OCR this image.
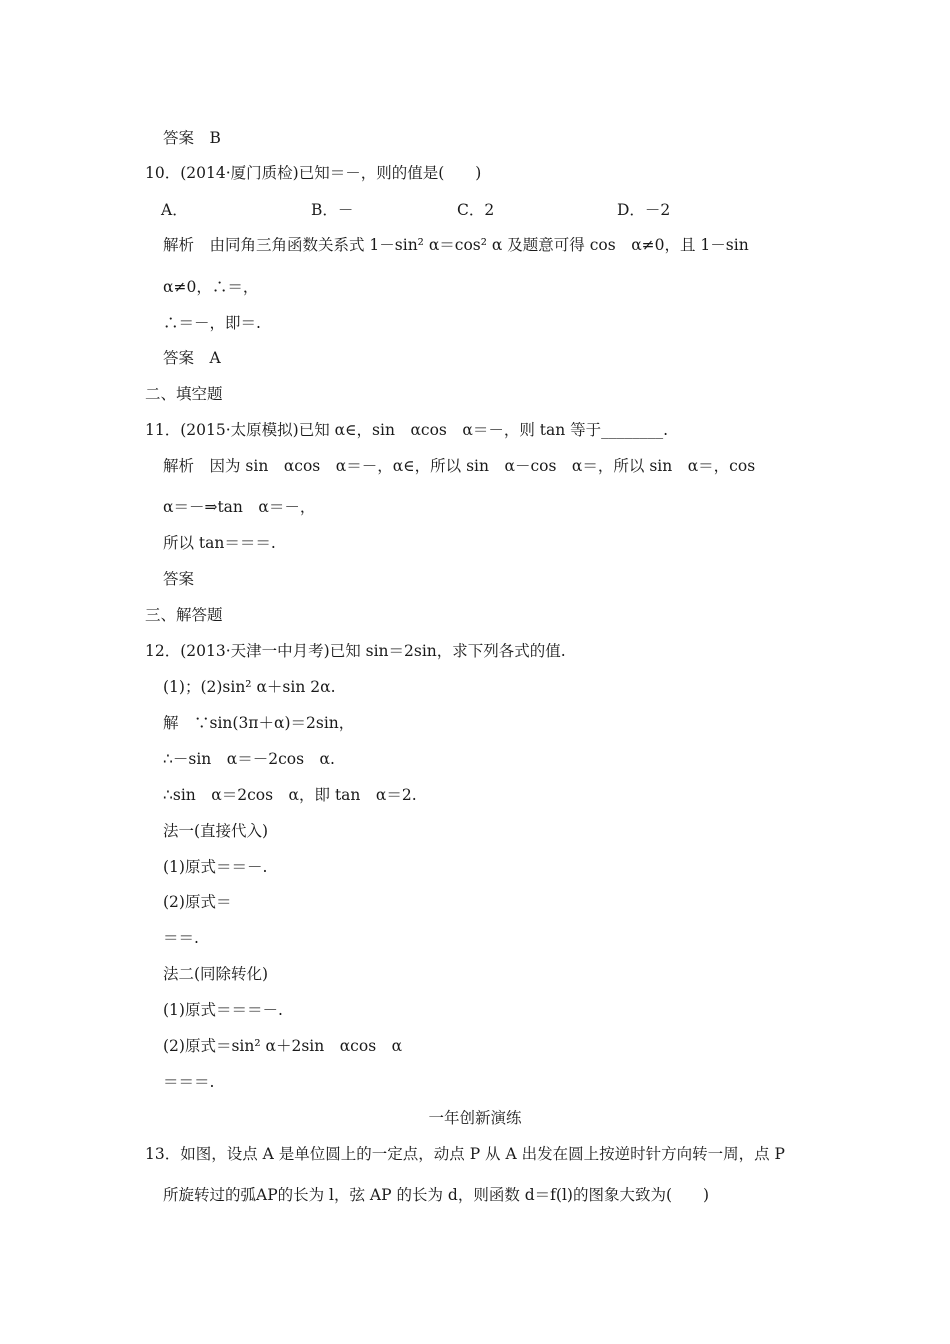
答案　B
10．(2014·厦门质检)已知＝－，则的值是(　　)
A．	B．－	C．2	D．－2
解析　由同角三角函数关系式 1－sin² α＝cos² α 及题意可得 cos　α≠0，且 1－sin
α≠0，∴＝，
∴＝－，即＝.
答案　A
二、填空题
11．(2015·太原模拟)已知 α∈，sin　αcos　α＝－，则 tan 等于________.
解析　因为 sin　αcos　α＝－，α∈，所以 sin　α－cos　α＝，所以 sin　α＝，cos
α＝－⇒tan　α＝－，
所以 tan＝＝＝.
答案
三、解答题
12．(2013·天津一中月考)已知 sin＝2sin，求下列各式的值.
(1)；(2)sin² α＋sin 2α.
解　∵sin(3π＋α)＝2sin，
∴－sin　α＝－2cos　α.
∴sin　α＝2cos　α，即 tan　α＝2.
法一(直接代入)
(1)原式＝＝－.
(2)原式＝
＝＝.
法二(同除转化)
(1)原式＝＝＝－.
(2)原式＝sin² α＋2sin　αcos　α
＝＝＝.
一年创新演练
13．如图，设点 A 是单位圆上的一定点，动点 P 从 A 出发在圆上按逆时针方向转一周，点 P
所旋转过的弧AP的长为 l，弦 AP 的长为 d，则函数 d＝f(l)的图象大致为(　　)
